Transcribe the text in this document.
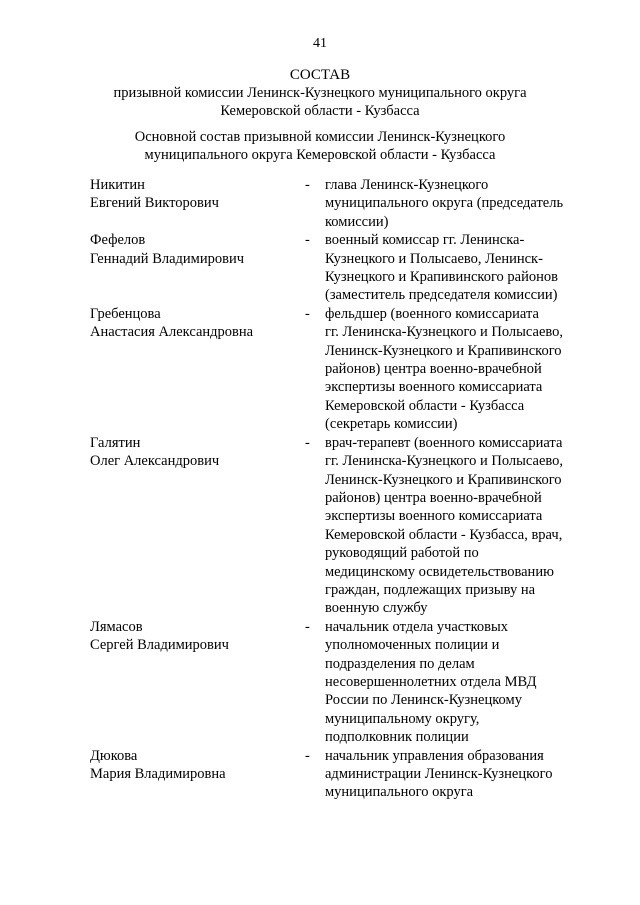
41
СОСТАВ
призывной комиссии Ленинск-Кузнецкого муниципального округа
Кемеровской области - Кузбасса
Основной состав призывной комиссии Ленинск-Кузнецкого
муниципального округа Кемеровской области - Кузбасса
Никитин
Евгений Викторович
-	глава Ленинск-Кузнецкого
муниципального округа (председатель
комиссии)
Фефелов
Геннадий Владимирович
-	военный комиссар гг. Ленинска-
Кузнецкого и Полысаево, Ленинск-
Кузнецкого и Крапивинского районов
(заместитель председателя комиссии)
Гребенцова
Анастасия Александровна
-	фельдшер (военного комиссариата
гг. Ленинска-Кузнецкого и Полысаево,
Ленинск-Кузнецкого и Крапивинского
районов) центра военно-врачебной
экспертизы военного комиссариата
Кемеровской области - Кузбасса
(секретарь комиссии)
Галятин
Олег Александрович
-	врач-терапевт (военного комиссариата
гг. Ленинска-Кузнецкого и Полысаево,
Ленинск-Кузнецкого и Крапивинского
районов) центра военно-врачебной
экспертизы военного комиссариата
Кемеровской области - Кузбасса, врач,
руководящий работой по
медицинскому освидетельствованию
граждан, подлежащих призыву на
военную службу
Лямасов
Сергей Владимирович
-	начальник отдела участковых
уполномоченных полиции и
подразделения по делам
несовершеннолетних отдела МВД
России по Ленинск-Кузнецкому
муниципальному округу,
подполковник полиции
Дюкова
Мария Владимировна
-	начальник управления образования
администрации Ленинск-Кузнецкого
муниципального округа
